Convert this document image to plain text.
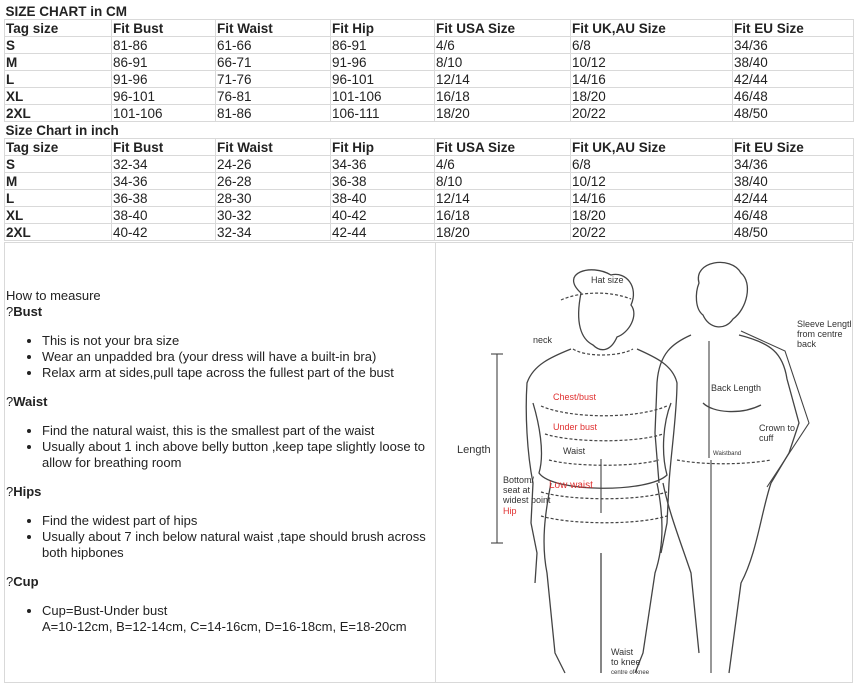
SIZE CHART in CM						
Tag size	Fit Bust	Fit Waist	Fit Hip	Fit USA Size	Fit UK,AU Size	Fit EU Size
S	81-86	61-66	86-91	4/6	6/8	34/36
M	86-91	66-71	91-96	8/10	10/12	38/40
L	91-96	71-76	96-101	12/14	14/16	42/44
XL	96-101	76-81	101-106	16/18	18/20	46/48
2XL	101-106	81-86	106-111	18/20	20/22	48/50
Size Chart in inch						
Tag size	Fit Bust	Fit Waist	Fit Hip	Fit USA Size	Fit UK,AU Size	Fit EU Size
S	32-34	24-26	34-36	4/6	6/8	34/36
M	34-36	26-28	36-38	8/10	10/12	38/40
L	36-38	28-30	38-40	12/14	14/16	42/44
XL	38-40	30-32	40-42	16/18	18/20	46/48
2XL	40-42	32-34	42-44	18/20	20/22	48/50

How to measure

?Bust
• This is not your bra size
• Wear an unpadded bra (your dress will have a built-in bra)
• Relax arm at sides,pull tape across the fullest part of the bust
?Waist
• Find the natural waist, this is the smallest part of the waist
• Usually about 1 inch above belly button ,keep tape slightly loose to allow for breathing room
?Hips
• Find the widest part of hips
• Usually about 7 inch below natural waist ,tape should brush across both hipbones
?Cup
• Cup=Bust-Under bust

A=10-12cm, B=12-14cm, C=14-16cm, D=16-18cm, E=18-20cm

Hat size
neck
Chest/bust
Under bust
Waist
Length
Bottom/
seat at
widest point
Hip
Low waist
Sleeve Length
from centre
back
Back Length
Crown to
cuff
Waistband
Waist
to knee
centre of knee
